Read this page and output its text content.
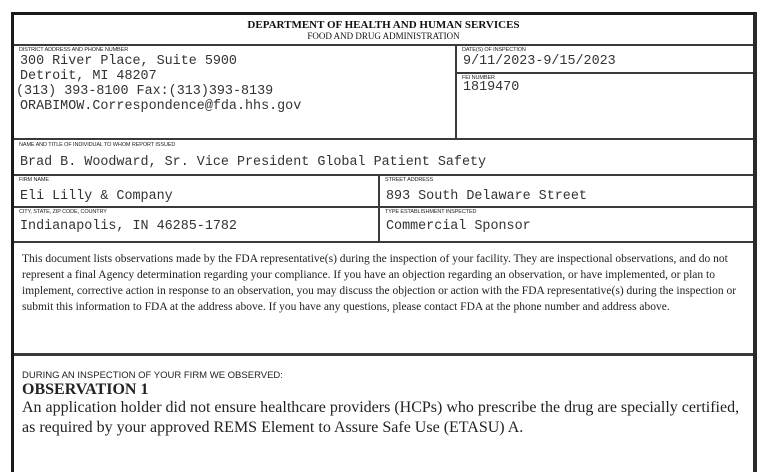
DEPARTMENT OF HEALTH AND HUMAN SERVICES
FOOD AND DRUG ADMINISTRATION
DISTRICT ADDRESS AND PHONE NUMBER
300 River Place, Suite 5900
Detroit, MI 48207
(313) 393-8100 Fax:(313)393-8139
ORABIMOW.Correspondence@fda.hhs.gov
DATE(S) OF INSPECTION
9/11/2023-9/15/2023
FEI NUMBER
1819470
NAME AND TITLE OF INDIVIDUAL TO WHOM REPORT ISSUED
Brad B. Woodward, Sr. Vice President Global Patient Safety
FIRM NAME
Eli Lilly & Company
STREET ADDRESS
893 South Delaware Street
CITY, STATE, ZIP CODE, COUNTRY
Indianapolis, IN 46285-1782
TYPE ESTABLISHMENT INSPECTED
Commercial Sponsor
This document lists observations made by the FDA representative(s) during the inspection of your facility. They are inspectional observations, and do not represent a final Agency determination regarding your compliance. If you have an objection regarding an observation, or have implemented, or plan to implement, corrective action in response to an observation, you may discuss the objection or action with the FDA representative(s) during the inspection or submit this information to FDA at the address above. If you have any questions, please contact FDA at the phone number and address above.
DURING AN INSPECTION OF YOUR FIRM WE OBSERVED:
OBSERVATION 1
An application holder did not ensure healthcare providers (HCPs) who prescribe the drug are specially certified, as required by your approved REMS Element to Assure Safe Use (ETASU) A.
